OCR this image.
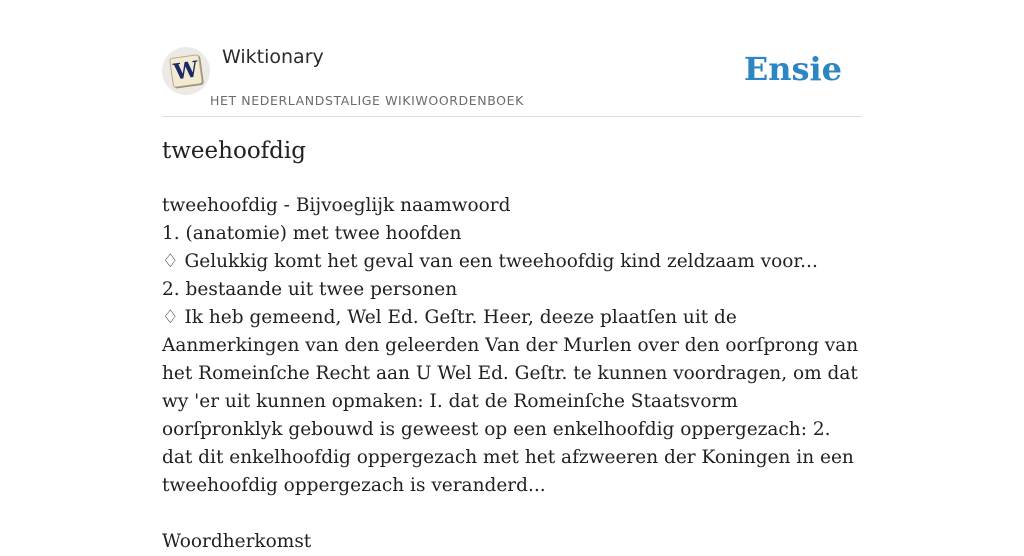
W Wiktionary
HET NEDERLANDSTALIGE WIKIWOORDENBOEK
Ensie
tweehoofdig

tweehoofdig - Bijvoeglijk naamwoord

1. (anatomie) met twee hoofden

♢ Gelukkig komt het geval van een tweehoofdig kind zeldzaam voor...

2. bestaande uit twee personen

♢ Ik heb gemeend, Wel Ed. Geſtr. Heer, deeze plaatſen uit de Aanmerkingen van den geleerden Van der Murlen over den oorſprong van het Romeinſche Recht aan U Wel Ed. Geſtr. te kunnen voordragen, om dat wy 'er uit kunnen opmaken: I. dat de Romeinſche Staatsvorm oorſpronklyk gebouwd is geweest op een enkelhoofdig oppergezach: 2. dat dit enkelhoofdig oppergezach met het afzweeren der Koningen in een tweehoofdig oppergezach is veranderd...

Woordherkomst
